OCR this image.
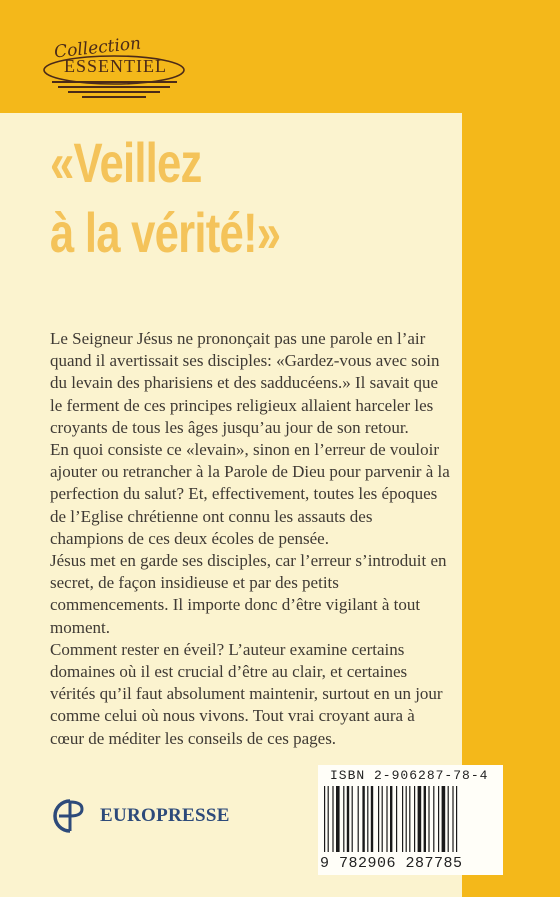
Collection
ESSENTIEL
«Veillez
à la vérité!»

Le Seigneur Jésus ne prononçait pas une parole en l’air quand il avertissait ses disciples: «Gardez-vous avec soin du levain des pharisiens et des sadducéens.» Il savait que le ferment de ces principes religieux allaient harceler les croyants de tous les âges jusqu’au jour de son retour.

En quoi consiste ce «levain», sinon en l’erreur de vouloir ajouter ou retrancher à la Parole de Dieu pour parvenir à la perfection du salut? Et, effectivement, toutes les époques de l’Eglise chrétienne ont connu les assauts des champions de ces deux écoles de pensée.

Jésus met en garde ses disciples, car l’erreur s’introduit en secret, de façon insidieuse et par des petits commencements. Il importe donc d’être vigilant à tout moment.

Comment rester en éveil? L’auteur examine certains domaines où il est crucial d’être au clair, et certaines vérités qu’il faut absolument maintenir, surtout en un jour comme celui où nous vivons. Tout vrai croyant aura à cœur de méditer les conseils de ces pages.

EUROPRESSE
ISBN 2-906287-78-4
9 782906 287785
